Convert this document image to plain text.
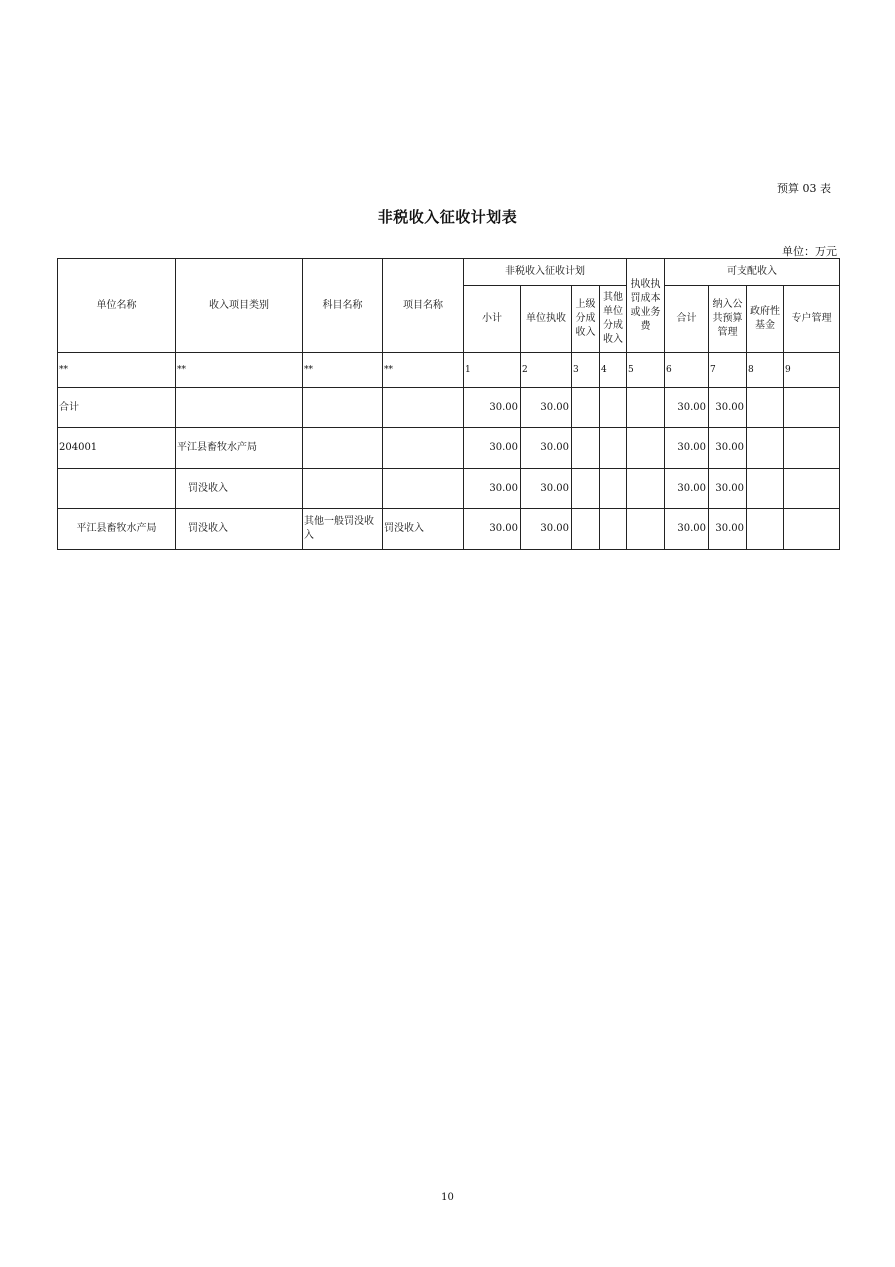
预算 03 表
非税收入征收计划表
单位：万元
单位名称	收入项目类别	科目名称	项目名称	非税收入征收计划				执收执罚成本或业务费	可支配收入			
				小计	单位执收	上级分成收入	其他单位分成收入		合计	纳入公共预算管理	政府性基金	专户管理
**	**	**	**	1	2	3	4	5	6	7	8	9
合计				30.00	30.00				30.00	30.00		
204001	平江县畜牧水产局			30.00	30.00				30.00	30.00		
	罚没收入			30.00	30.00				30.00	30.00		
平江县畜牧水产局	罚没收入	其他一般罚没收入	罚没收入	30.00	30.00				30.00	30.00		
10
